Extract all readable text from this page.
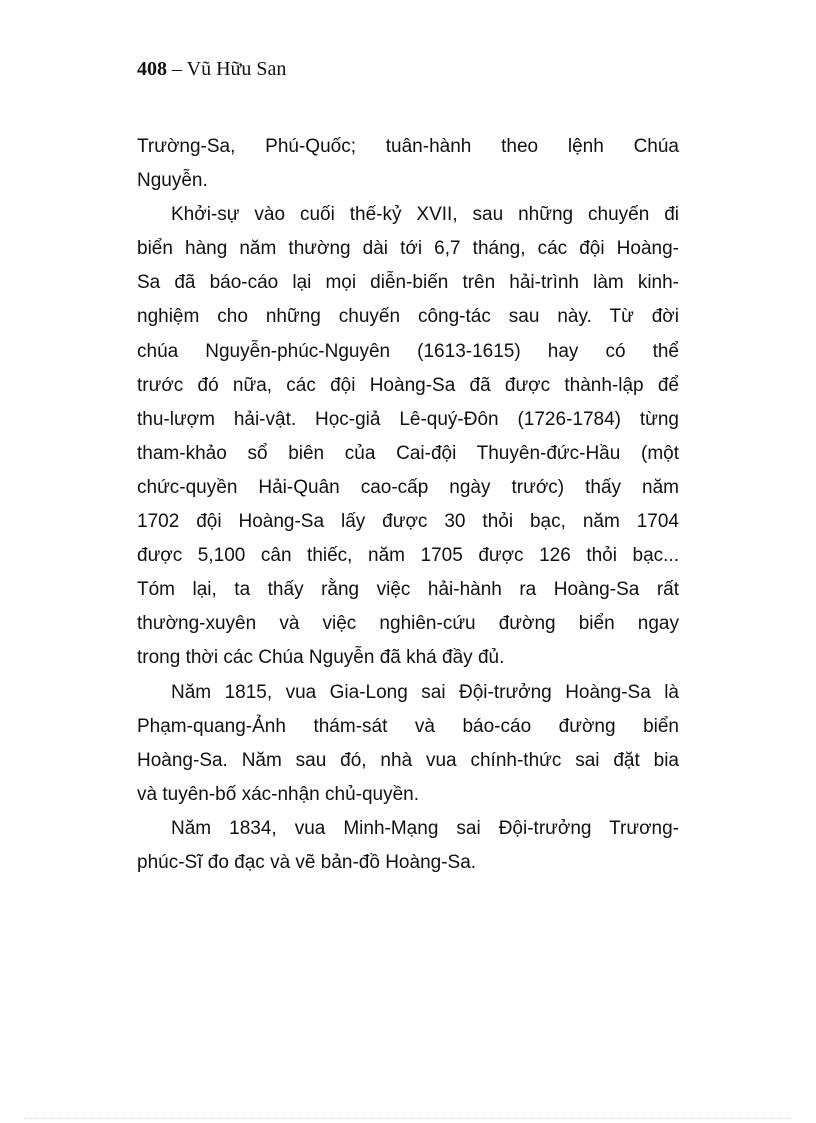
408 – Vũ Hữu San
Trường-Sa, Phú-Quốc; tuân-hành theo lệnh Chúa
Nguyễn.
Khởi-sự vào cuối thế-kỷ XVII, sau những chuyến đi
biển hàng năm thường dài tới 6,7 tháng, các đội Hoàng-
Sa đã báo-cáo lại mọi diễn-biến trên hải-trình làm kinh-
nghiệm cho những chuyến công-tác sau này. Từ đời
chúa Nguyễn-phúc-Nguyên (1613-1615) hay có thể
trước đó nữa, các đội Hoàng-Sa đã được thành-lập để
thu-lượm hải-vật. Học-giả Lê-quý-Đôn (1726-1784) từng
tham-khảo sổ biên của Cai-đội Thuyên-đức-Hầu (một
chức-quyền Hải-Quân cao-cấp ngày trước) thấy năm
1702 đội Hoàng-Sa lấy được 30 thỏi bạc, năm 1704
được 5,100 cân thiếc, năm 1705 được 126 thỏi bạc...
Tóm lại, ta thấy rằng việc hải-hành ra Hoàng-Sa rất
thường-xuyên và việc nghiên-cứu đường biển ngay
trong thời các Chúa Nguyễn đã khá đầy đủ.
Năm 1815, vua Gia-Long sai Đội-trưởng Hoàng-Sa là
Phạm-quang-Ảnh thám-sát và báo-cáo đường biển
Hoàng-Sa. Năm sau đó, nhà vua chính-thức sai đặt bia
và tuyên-bố xác-nhận chủ-quyền.
Năm 1834, vua Minh-Mạng sai Đội-trưởng Trương-
phúc-Sĩ đo đạc và vẽ bản-đồ Hoàng-Sa.
